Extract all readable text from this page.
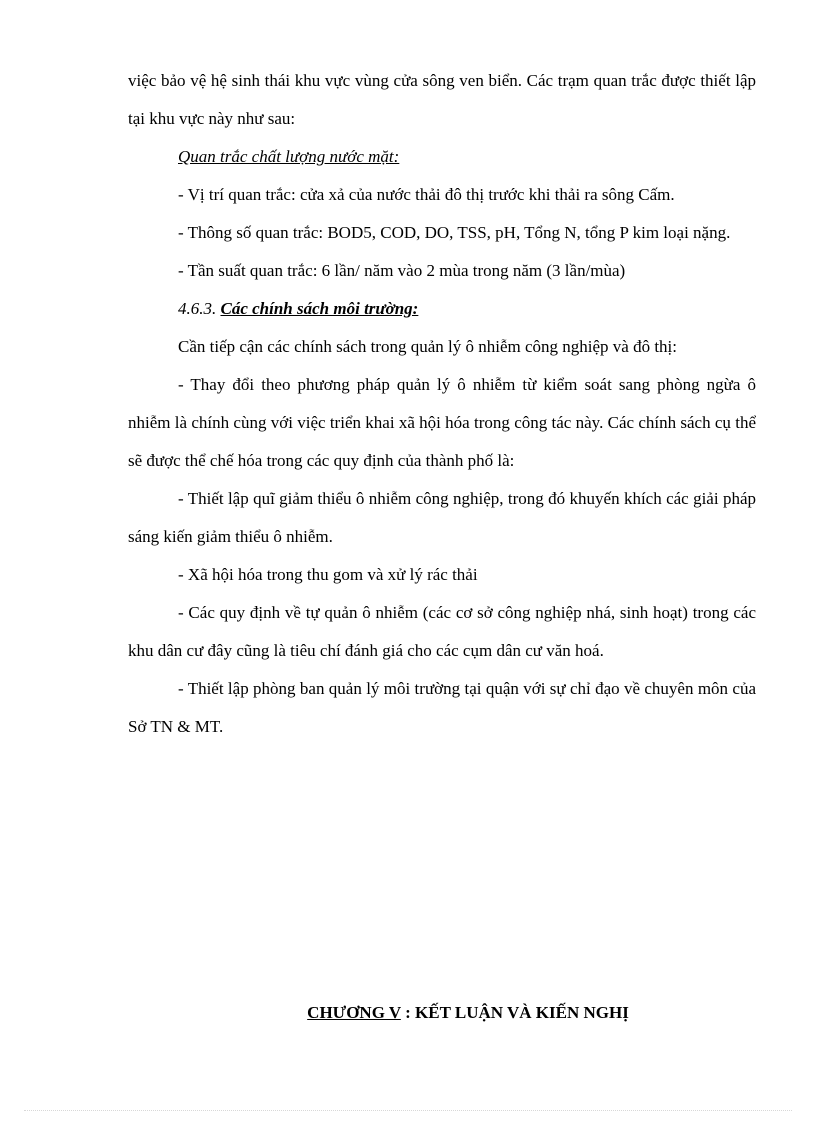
việc bảo vệ hệ sinh thái khu vực vùng cửa sông ven biển. Các trạm quan trắc được thiết lập tại khu vực này như sau:

Quan trắc chất lượng nước mặt:

- Vị trí quan trắc: cửa xả của nước thải đô thị trước khi thải ra sông Cấm.

- Thông số quan trắc: BOD5, COD, DO, TSS, pH, Tổng N, tổng P kim loại nặng.

- Tần suất quan trắc: 6 lần/ năm vào 2 mùa trong năm (3 lần/mùa)

4.6.3. Các chính sách môi trường:

Cần tiếp cận các chính sách trong quản lý ô nhiễm công nghiệp và đô thị:

- Thay đổi theo phương pháp quản lý ô nhiễm từ kiểm soát sang phòng ngừa ô nhiễm là chính cùng với việc triển khai xã hội hóa trong công tác này. Các chính sách cụ thể sẽ được thể chế hóa trong các quy định của thành phố là:

- Thiết lập quĩ giảm thiểu ô nhiễm công nghiệp, trong đó khuyến khích các giải pháp sáng kiến giảm thiểu ô nhiễm.

- Xã hội hóa trong thu gom và xử lý rác thải

- Các quy định về tự quản ô nhiễm (các cơ sở công nghiệp nhá, sinh hoạt) trong các khu dân cư đây cũng là tiêu chí đánh giá cho các cụm dân cư văn hoá.

- Thiết lập phòng ban quản lý môi trường tại quận với sự chỉ đạo về chuyên môn của Sở TN & MT.

CHƯƠNG V : KẾT LUẬN VÀ KIẾN NGHỊ
